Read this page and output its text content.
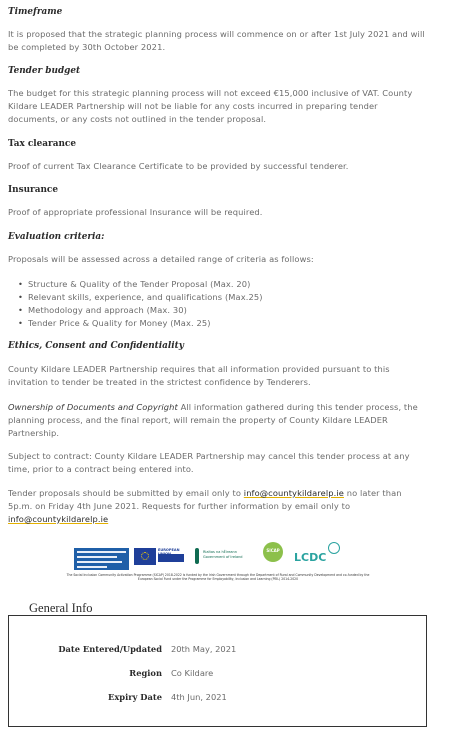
Timeframe

It is proposed that the strategic planning process will commence on or after 1st July 2021 and will be completed by 30th October 2021.

Tender budget

The budget for this strategic planning process will not exceed €15,000 inclusive of VAT. County Kildare LEADER Partnership will not be liable for any costs incurred in preparing tender documents, or any costs not outlined in the tender proposal.

Tax clearance

Proof of current Tax Clearance Certificate to be provided by successful tenderer.

Insurance

Proof of appropriate professional Insurance will be required.

Evaluation criteria:

Proposals will be assessed across a detailed range of criteria as follows:

• Structure & Quality of the Tender Proposal (Max. 20)
• Relevant skills, experience, and qualifications (Max.25)
• Methodology and approach (Max. 30)
• Tender Price & Quality for Money (Max. 25)
Ethics, Consent and Confidentiality

County Kildare LEADER Partnership requires that all information provided pursuant to this invitation to tender be treated in the strictest confidence by Tenderers.

Ownership of Documents and Copyright All information gathered during this tender process, the planning process, and the final report, will remain the property of County Kildare LEADER Partnership.

Subject to contract: County Kildare LEADER Partnership may cancel this tender process at any time, prior to a contract being entered into.

Tender proposals should be submitted by email only to info@countykildarelp.ie no later than 5p.m. on Friday 4th June 2021. Requests for further information by email only to info@countykildarelp.ie

EUROPEAN	Rialtas na hÉireann Government of Ireland
SICAP
LCDC
The Social Inclusion Community Activation Programme (SICAP) 2018-2022 is funded by the Irish Government through the Department of Rural and Community Development and co-funded by the European Social Fund under the Programme for Employability, Inclusion and Learning (PEIL) 2014-2020
General Info
Date Entered/Updated 20th May, 2021
Region Co Kildare
Expiry Date 4th Jun, 2021
